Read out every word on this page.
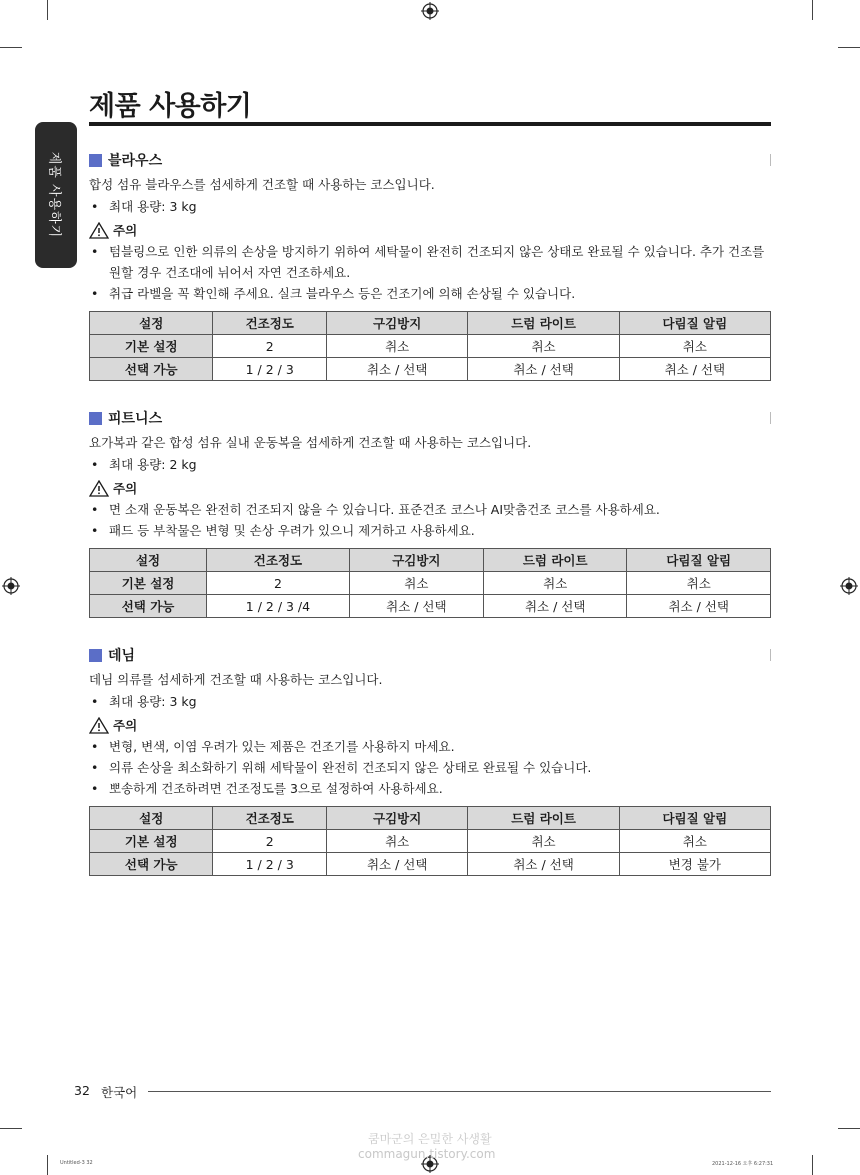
제품 사용하기
제품 사용하기	블라우스
합성 섬유 블라우스를 섬세하게 건조할 때 사용하는 코스입니다.
• 최대 용량: 3 kg
주의
• 텀블링으로 인한 의류의 손상을 방지하기 위하여 세탁물이 완전히 건조되지 않은 상태로 완료될 수 있습니다. 추가 건조를 원할 경우 건조대에 뉘어서 자연 건조하세요.
• 취급 라벨을 꼭 확인해 주세요. 실크 블라우스 등은 건조기에 의해 손상될 수 있습니다.
설정	건조정도	구김방지	드럼 라이트	다림질 알림
기본 설정	2	취소	취소	취소
선택 가능	1 / 2 / 3	취소 / 선택	취소 / 선택	취소 / 선택
피트니스
요가복과 같은 합성 섬유 실내 운동복을 섬세하게 건조할 때 사용하는 코스입니다.
• 최대 용량: 2 kg
주의
• 면 소재 운동복은 완전히 건조되지 않을 수 있습니다. 표준건조 코스나 AI맞춤건조 코스를 사용하세요.
• 패드 등 부착물은 변형 및 손상 우려가 있으니 제거하고 사용하세요.
설정	건조정도	구김방지	드럼 라이트	다림질 알림
기본 설정	2	취소	취소	취소
선택 가능	1 / 2 / 3 /4	취소 / 선택	취소 / 선택	취소 / 선택
데님
데님 의류를 섬세하게 건조할 때 사용하는 코스입니다.
• 최대 용량: 3 kg
주의
• 변형, 변색, 이염 우려가 있는 제품은 건조기를 사용하지 마세요.
• 의류 손상을 최소화하기 위해 세탁물이 완전히 건조되지 않은 상태로 완료될 수 있습니다.
• 뽀송하게 건조하려면 건조정도를 3으로 설정하여 사용하세요.
설정	건조정도	구김방지	드럼 라이트	다림질 알림
기본 설정	2	취소	취소	취소
선택 가능	1 / 2 / 3	취소 / 선택	취소 / 선택	변경 불가
32 한국어
쿰마군의 은밀한 사생활
commagun.tistory.com
Untitled-3 32	2021-12-16 오후 6:27:31
